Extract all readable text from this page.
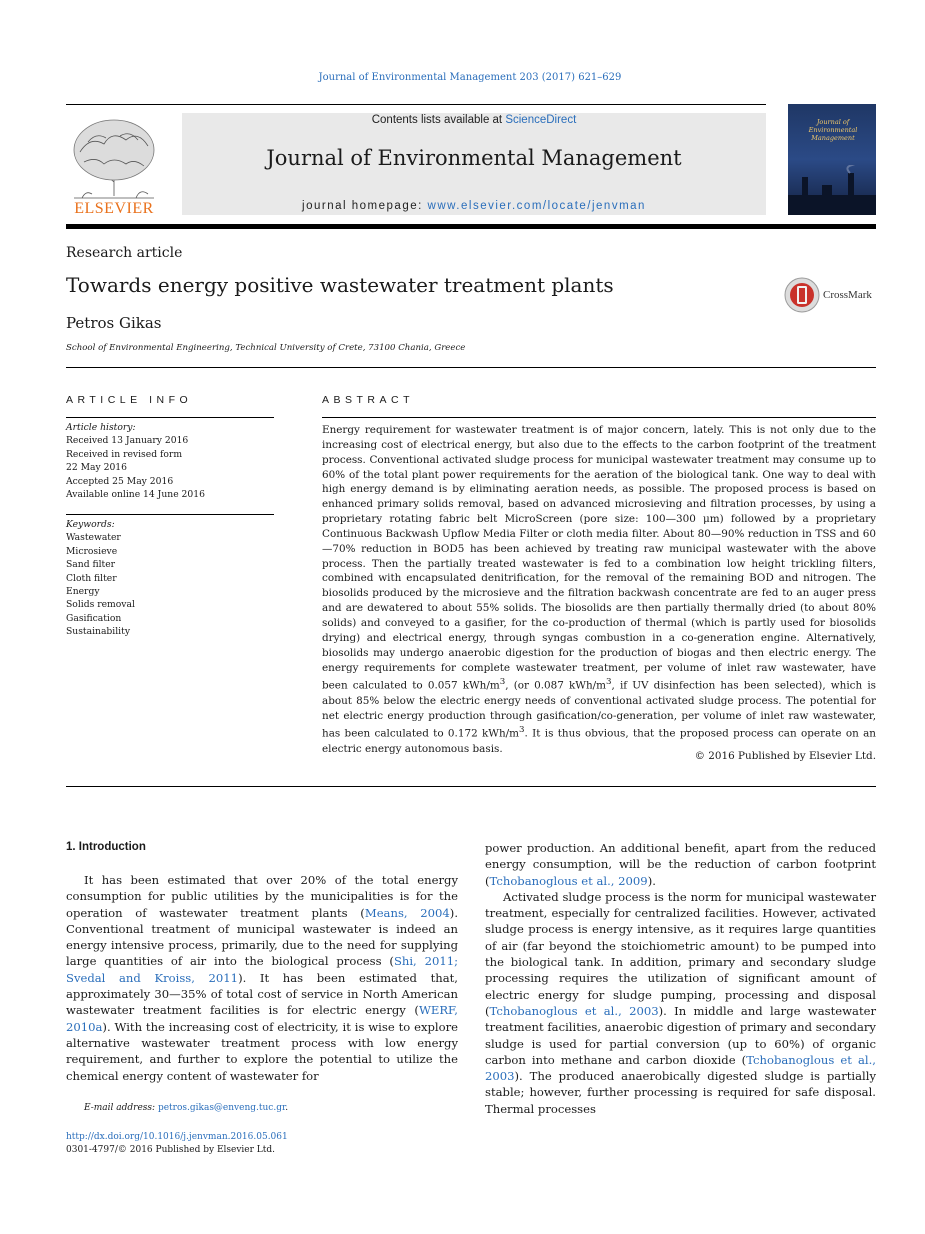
Journal of Environmental Management 203 (2017) 621–629
ELSEVIER
Contents lists available at ScienceDirect
Journal of Environmental Management
journal homepage: www.elsevier.com/locate/jenvman
Journal of Environmental Management
Research article
Towards energy positive wastewater treatment plants	CrossMark
Petros Gikas
School of Environmental Engineering, Technical University of Crete, 73100 Chania, Greece
ARTICLE INFO
Article history:
Received 13 January 2016
Received in revised form
22 May 2016
Accepted 25 May 2016
Available online 14 June 2016
Keywords:
Wastewater
Microsieve
Sand filter
Cloth filter
Energy
Solids removal
Gasification
Sustainability
ABSTRACT
Energy requirement for wastewater treatment is of major concern, lately. This is not only due to the increasing cost of electrical energy, but also due to the effects to the carbon footprint of the treatment process. Conventional activated sludge process for municipal wastewater treatment may consume up to 60% of the total plant power requirements for the aeration of the biological tank. One way to deal with high energy demand is by eliminating aeration needs, as possible. The proposed process is based on enhanced primary solids removal, based on advanced microsieving and filtration processes, by using a proprietary rotating fabric belt MicroScreen (pore size: 100—300 μm) followed by a proprietary Continuous Backwash Upflow Media Filter or cloth media filter. About 80—90% reduction in TSS and 60—70% reduction in BOD5 has been achieved by treating raw municipal wastewater with the above process. Then the partially treated wastewater is fed to a combination low height trickling filters, combined with encapsulated denitrification, for the removal of the remaining BOD and nitrogen. The biosolids produced by the microsieve and the filtration backwash concentrate are fed to an auger press and are dewatered to about 55% solids. The biosolids are then partially thermally dried (to about 80% solids) and conveyed to a gasifier, for the co-production of thermal (which is partly used for biosolids drying) and electrical energy, through syngas combustion in a co-generation engine. Alternatively, biosolids may undergo anaerobic digestion for the production of biogas and then electric energy. The energy requirements for complete wastewater treatment, per volume of inlet raw wastewater, have been calculated to 0.057 kWh/$m^3$, (or 0.087 kWh/$m^3$, if UV disinfection has been selected), which is about 85% below the electric energy needs of conventional activated sludge process. The potential for net electric energy production through gasification/co-generation, per volume of inlet raw wastewater, has been calculated to 0.172 kWh/$m^3$. It is thus obvious, that the proposed process can operate on an electric energy autonomous basis.
© 2016 Published by Elsevier Ltd.
1. Introduction

It has been estimated that over 20% of the total energy consumption for public utilities by the municipalities is for the operation of wastewater treatment plants (Means, 2004). Conventional treatment of municipal wastewater is indeed an energy intensive process, primarily, due to the need for supplying large quantities of air into the biological process (Shi, 2011; Svedal and Kroiss, 2011). It has been estimated that, approximately 30—35% of total cost of service in North American wastewater treatment facilities is for electric energy (WERF, 2010a). With the increasing cost of electricity, it is wise to explore alternative wastewater treatment process with low energy requirement, and further to explore the potential to utilize the chemical energy content of wastewater for

power production. An additional benefit, apart from the reduced energy consumption, will be the reduction of carbon footprint (Tchobanoglous et al., 2009).

Activated sludge process is the norm for municipal wastewater treatment, especially for centralized facilities. However, activated sludge process is energy intensive, as it requires large quantities of air (far beyond the stoichiometric amount) to be pumped into the biological tank. In addition, primary and secondary sludge processing requires the utilization of significant amount of electric energy for sludge pumping, processing and disposal (Tchobanoglous et al., 2003). In middle and large wastewater treatment facilities, anaerobic digestion of primary and secondary sludge is used for partial conversion (up to 60%) of organic carbon into methane and carbon dioxide (Tchobanoglous et al., 2003). The produced anaerobically digested sludge is partially stable; however, further processing is required for safe disposal. Thermal processes

E-mail address: petros.gikas@enveng.tuc.gr.
http://dx.doi.org/10.1016/j.jenvman.2016.05.061
0301-4797/© 2016 Published by Elsevier Ltd.
